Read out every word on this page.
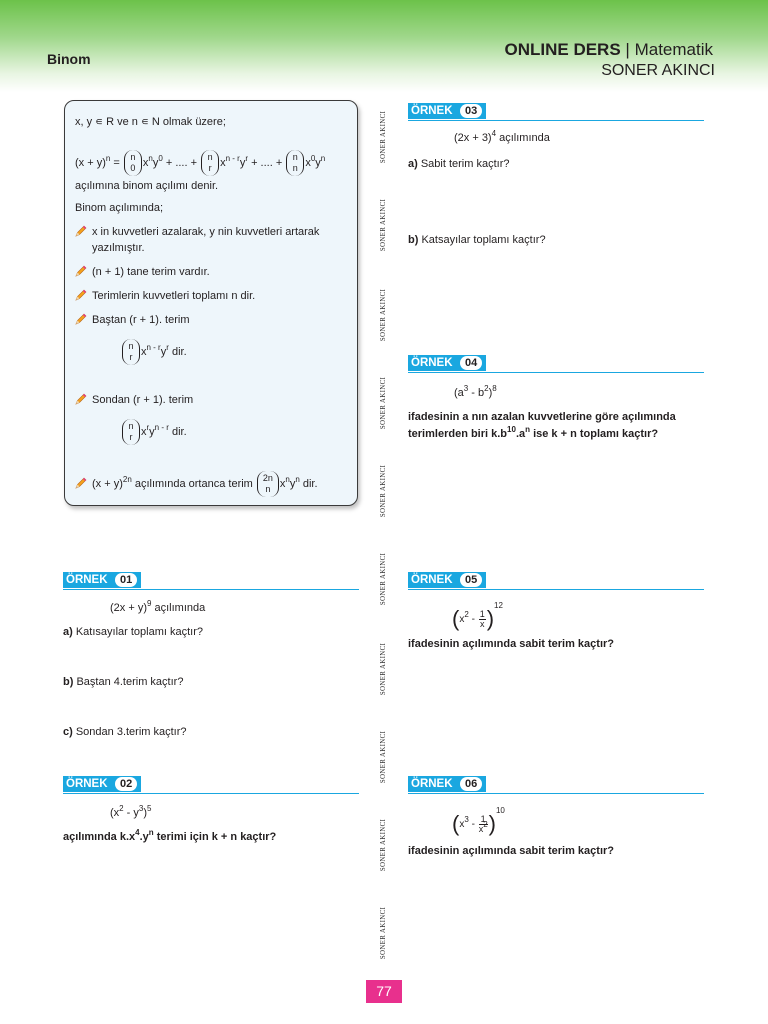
Binom	ONLINE DERS | Matematik
SONER AKINCI
x, y ∊ R ve n ∊ N olmak üzere;
$(x + y)^n = n$
0 $x^ny^0$ + .... +	n
r $x^{n - r}y^r$ + .... +	n
n $x^0y^n$
açılımına binom açılımı denir.
Binom açılımında;
x in kuvvetleri azalarak, y nin kuvvetleri artarak
yazılmıştır.
(n + 1) tane terim vardır.
Terimlerin kuvvetleri toplamı n dir.
Baştan (r + 1). terim
n
r $x^{n - r}y^r$ dir.
Sondan (r + 1). terim
n
r $x^ry^{n - r}$ dir.
$(x + y)^{2n}$ açılımında ortanca terim	2n
n $x^ny^n$ dir.
SONER AKINCI
SONER AKINCI
SONER AKINCI
SONER AKINCI
SONER AKINCI
SONER AKINCI
SONER AKINCI
SONER AKINCI
SONER AKINCI
SONER AKINCI
ÖRNEK	01
$(2x + y)^9$ açılımında
a) Katısayılar toplamı kaçtır?
b) Baştan 4.terim kaçtır?
c) Sondan 3.terim kaçtır?
ÖRNEK	02
$(x^2 - y^3)^5$
açılımında $k.x^4.y^n$ terimi için k + n kaçtır?
ÖRNEK	03
$(2x + 3)^4$ açılımında
a) Sabit terim kaçtır?
b) Katsayılar toplamı kaçtır?
ÖRNEK	04
$(a^3 - b^2)^8$
ifadesinin a nın azalan kuvvetlerine göre açılımında
terimlerden biri $k.b^{10}.a^n$ ise k + n toplamı kaçtır?
ÖRNEK	05
$(x^2 - \frac{1}{x} )^{12}$
ifadesinin açılımında sabit terim kaçtır?
ÖRNEK	06
$(x^3 - \frac{1}{x^2} )^{10}$
ifadesinin açılımında sabit terim kaçtır?
77
